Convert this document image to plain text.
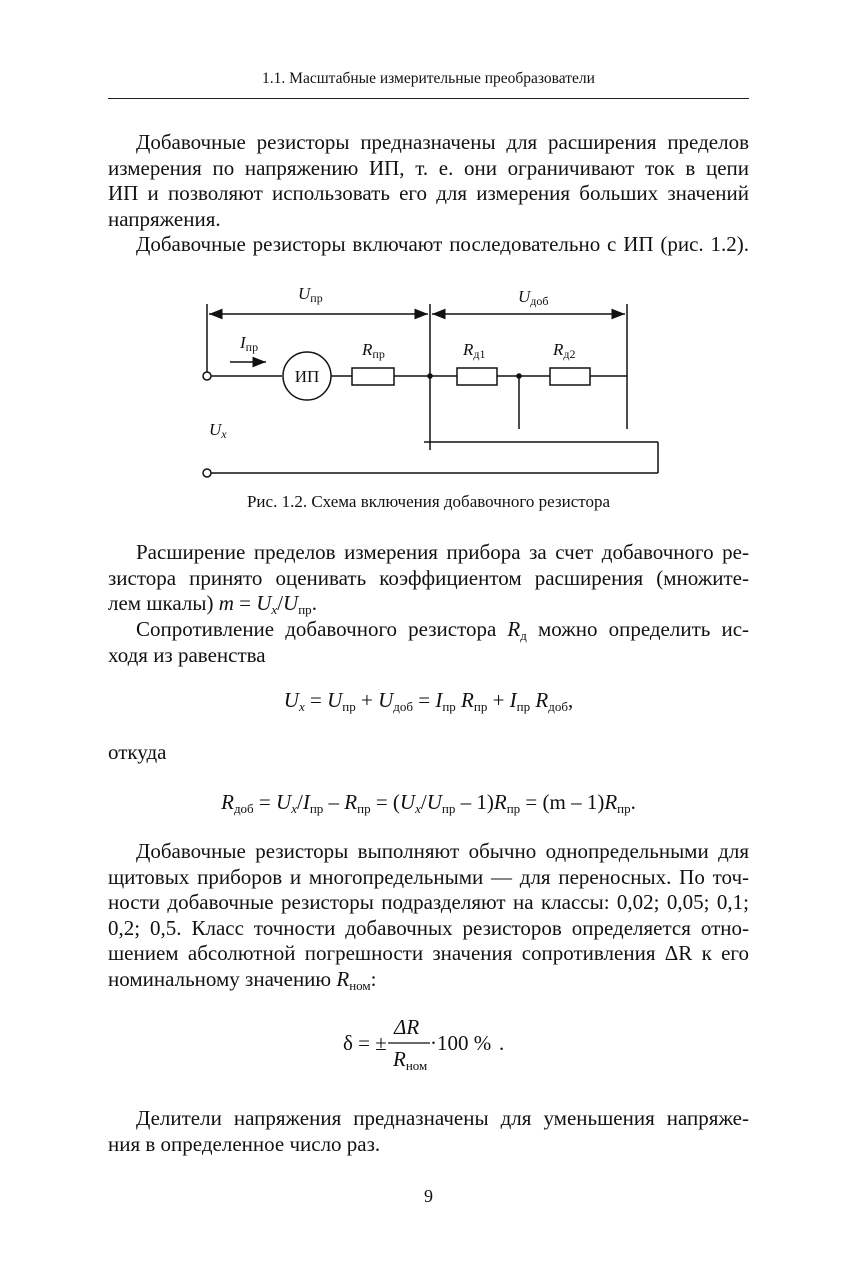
1.1. Масштабные измерительные преобразователи

Добавочные резисторы предназначены для расширения пределов
измерения по напряжению ИП, т. е. они ограничивают ток в цепи
ИП и позволяют использовать его для измерения больших значений
напряжения.

Добавочные резисторы включают последовательно с ИП (рис. 1.2).

Uпр	Uдоб
Iпр
ИП
Rпр	Rд1	Rд2
Ux
Рис. 1.2. Схема включения добавочного резистора

Расширение пределов измерения прибора за счет добавочного ре-
зистора принято оценивать коэффициентом расширения (множите-
лем шкалы) $m = U_x/U_{пр}$.

Сопротивление добавочного резистора $R_д$ можно определить ис-
ходя из равенства

$U_x = U_{пр} + U_{доб} = I_{пр}$ $R_{пр} + I_{пр}$ $R_{доб}$,
откуда
$R_{доб} = U_x/I_{пр} - R_{пр} = (U_x/U_{пр} - 1)R_{пр} = (m - 1)R_{пр}$.

Добавочные резисторы выполняют обычно однопредельными для
щитовых приборов и многопредельными — для переносных. По точ-
ности добавочные резисторы подразделяют на классы: 0,02; 0,05; 0,1;
0,2; 0,5. Класс точности добавочных резисторов определяется отно-
шением абсолютной погрешности значения сопротивления ΔR к его
номинальному значению $R_{ном}$:

δ = ±
ΔR
Rном
·100 % .

Делители напряжения предназначены для уменьшения напряже-
ния в определенное число раз.

9
